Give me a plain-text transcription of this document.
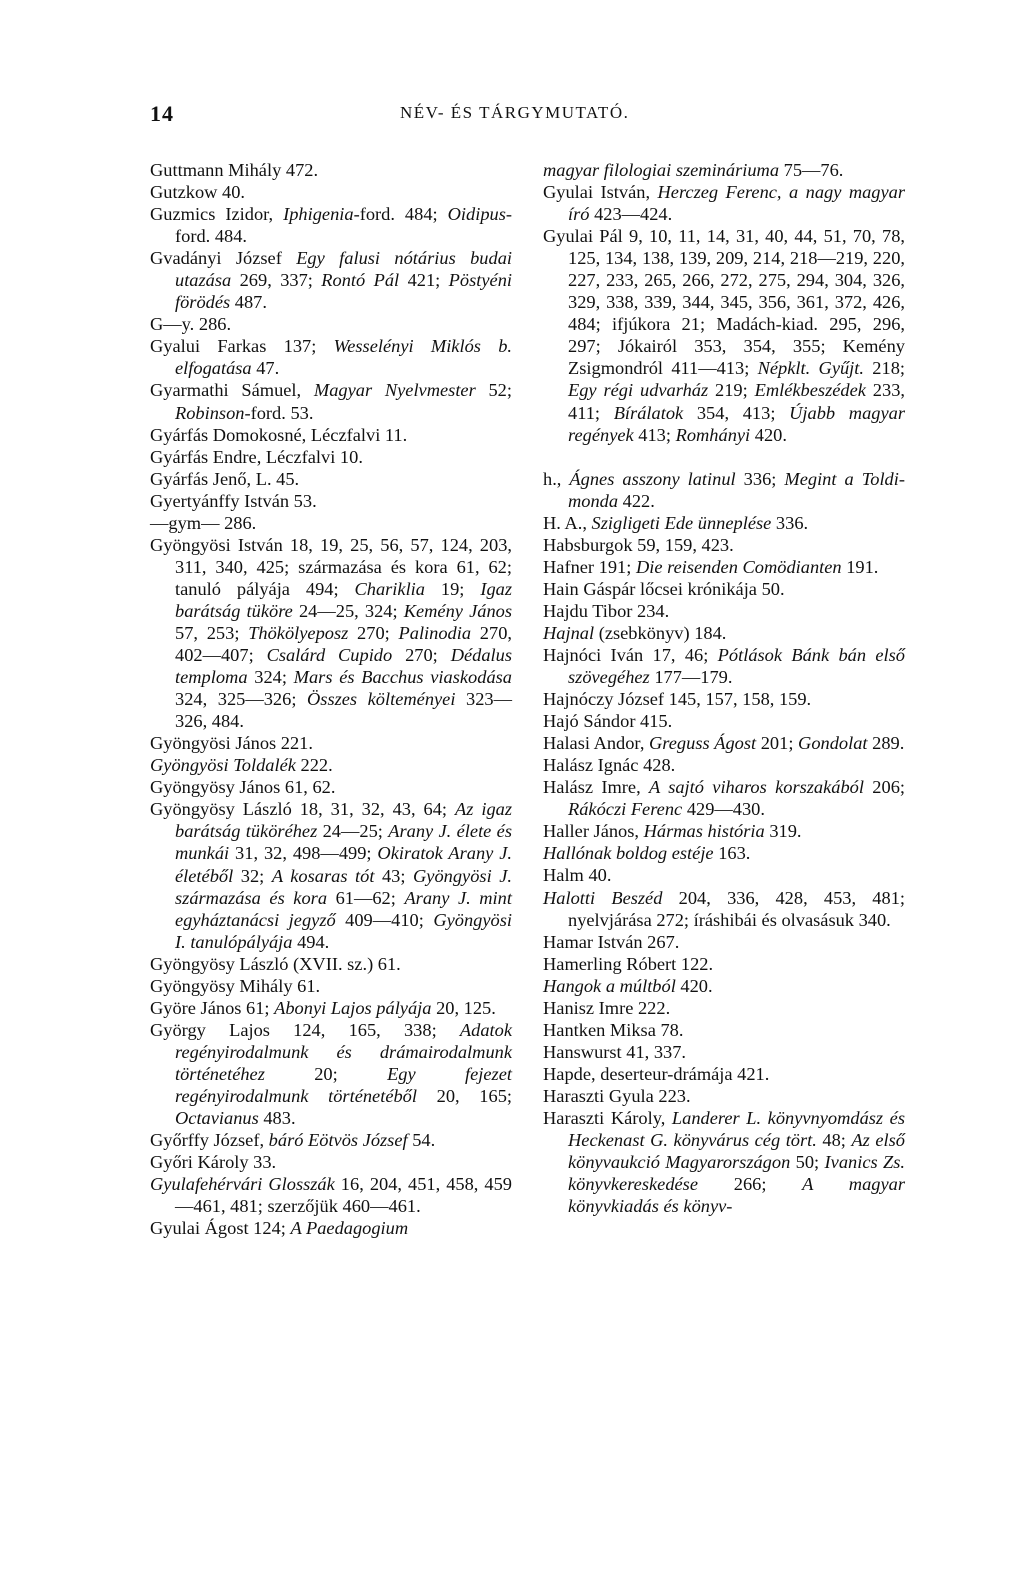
14	NÉV- ÉS TÁRGYMUTATÓ.

Guttmann Mihály 472.

Gutzkow 40.

Guzmics Izidor, Iphigenia-ford. 484; Oidipus-ford. 484.

Gvadányi József Egy falusi nótárius budai utazása 269, 337; Rontó Pál 421; Pöstyéni förödés 487.

G—y. 286.

Gyalui Farkas 137; Wesselényi Miklós b. elfogatása 47.

Gyarmathi Sámuel, Magyar Nyelvmester 52; Robinson-ford. 53.

Gyárfás Domokosné, Léczfalvi 11.

Gyárfás Endre, Léczfalvi 10.

Gyárfás Jenő, L. 45.

Gyertyánffy István 53.

—gym— 286.

Gyöngyösi István 18, 19, 25, 56, 57, 124, 203, 311, 340, 425; származása és kora 61, 62; tanuló pályája 494; Chariklia 19; Igaz barátság tüköre 24—25, 324; Kemény János 57, 253; Thökölyeposz 270; Palinodia 270, 402—407; Csalárd Cupido 270; Dédalus temploma 324; Mars és Bacchus viaskodása 324, 325—326; Összes költeményei 323—326, 484.

Gyöngyösi János 221.

Gyöngyösi Toldalék 222.

Gyöngyösy János 61, 62.

Gyöngyösy László 18, 31, 32, 43, 64; Az igaz barátság tüköréhez 24—25; Arany J. élete és munkái 31, 32, 498—499; Okiratok Arany J. életéből 32; A kosaras tót 43; Gyöngyösi J. származása és kora 61—62; Arany J. mint egyháztanácsi jegyző 409—410; Gyöngyösi I. tanulópályája 494.

Gyöngyösy László (XVII. sz.) 61.

Gyöngyösy Mihály 61.

Györe János 61; Abonyi Lajos pályája 20, 125.

György Lajos 124, 165, 338; Adatok regényirodalmunk és drámairodalmunk történetéhez 20; Egy fejezet regényirodalmunk történetéből 20, 165; Octavianus 483.

Győrffy József, báró Eötvös József 54.

Győri Károly 33.

Gyulafehérvári Glosszák 16, 204, 451, 458, 459—461, 481; szerzőjük 460—461.

Gyulai Ágost 124; A Paedagogium

magyar filologiai szemináriuma 75—76.

Gyulai István, Herczeg Ferenc, a nagy magyar író 423—424.

Gyulai Pál 9, 10, 11, 14, 31, 40, 44, 51, 70, 78, 125, 134, 138, 139, 209, 214, 218—219, 220, 227, 233, 265, 266, 272, 275, 294, 304, 326, 329, 338, 339, 344, 345, 356, 361, 372, 426, 484; ifjúkora 21; Madách-kiad. 295, 296, 297; Jókairól 353, 354, 355; Kemény Zsigmondról 411—413; Népklt. Gyűjt. 218; Egy régi udvarház 219; Emlékbeszédek 233, 411; Bírálatok 354, 413; Újabb magyar regények 413; Romhányi 420.

h., Ágnes asszony latinul 336; Megint a Toldi-monda 422.

H. A., Szigligeti Ede ünneplése 336.

Habsburgok 59, 159, 423.

Hafner 191; Die reisenden Comödianten 191.

Hain Gáspár lőcsei krónikája 50.

Hajdu Tibor 234.

Hajnal (zsebkönyv) 184.

Hajnóci Iván 17, 46; Pótlások Bánk bán első szövegéhez 177—179.

Hajnóczy József 145, 157, 158, 159.

Hajó Sándor 415.

Halasi Andor, Greguss Ágost 201; Gondolat 289.

Halász Ignác 428.

Halász Imre, A sajtó viharos korszakából 206; Rákóczi Ferenc 429—430.

Haller János, Hármas história 319.

Hallónak boldog estéje 163.

Halm 40.

Halotti Beszéd 204, 336, 428, 453, 481; nyelvjárása 272; íráshibái és olvasásuk 340.

Hamar István 267.

Hamerling Róbert 122.

Hangok a múltból 420.

Hanisz Imre 222.

Hantken Miksa 78.

Hanswurst 41, 337.

Hapde, deserteur-drámája 421.

Haraszti Gyula 223.

Haraszti Károly, Landerer L. könyvnyomdász és Heckenast G. könyvárus cég tört. 48; Az első könyvaukció Magyarországon 50; Ivanics Zs. könyvkereskedése 266; A magyar könyvkiadás és könyv-
